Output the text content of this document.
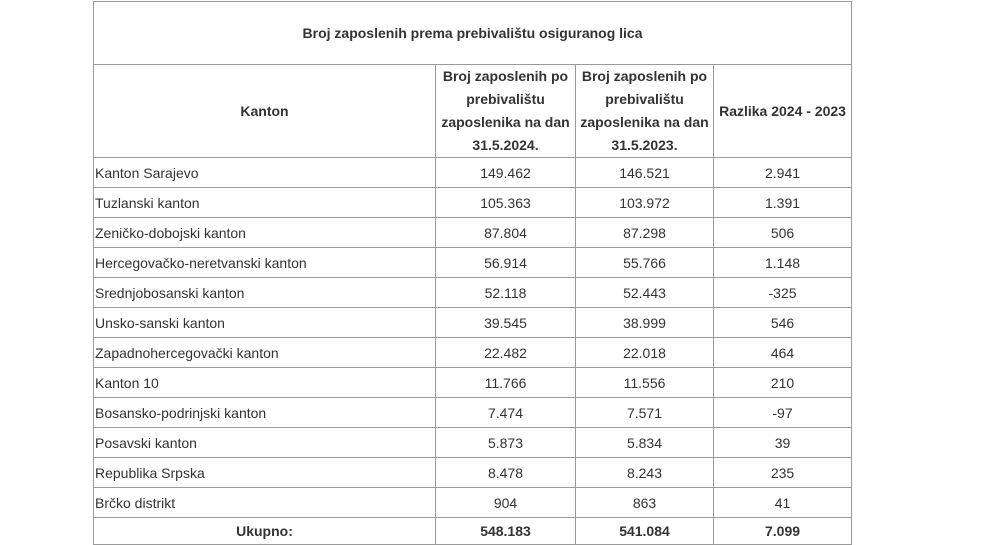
Broj zaposlenih prema prebivalištu osiguranog lica			
Kanton	Broj zaposlenih po prebivalištu zaposlenika na dan 31.5.2024.	Broj zaposlenih po prebivalištu zaposlenika na dan 31.5.2023.	Razlika 2024 - 2023
Kanton Sarajevo	149.462	146.521	2.941
Tuzlanski kanton	105.363	103.972	1.391
Zeničko-dobojski kanton	87.804	87.298	506
Hercegovačko-neretvanski kanton	56.914	55.766	1.148
Srednjobosanski kanton	52.118	52.443	-325
Unsko-sanski kanton	39.545	38.999	546
Zapadnohercegovački kanton	22.482	22.018	464
Kanton 10	11.766	11.556	210
Bosansko-podrinjski kanton	7.474	7.571	-97
Posavski kanton	5.873	5.834	39
Republika Srpska	8.478	8.243	235
Brčko distrikt	904	863	41
Ukupno:	548.183	541.084	7.099
